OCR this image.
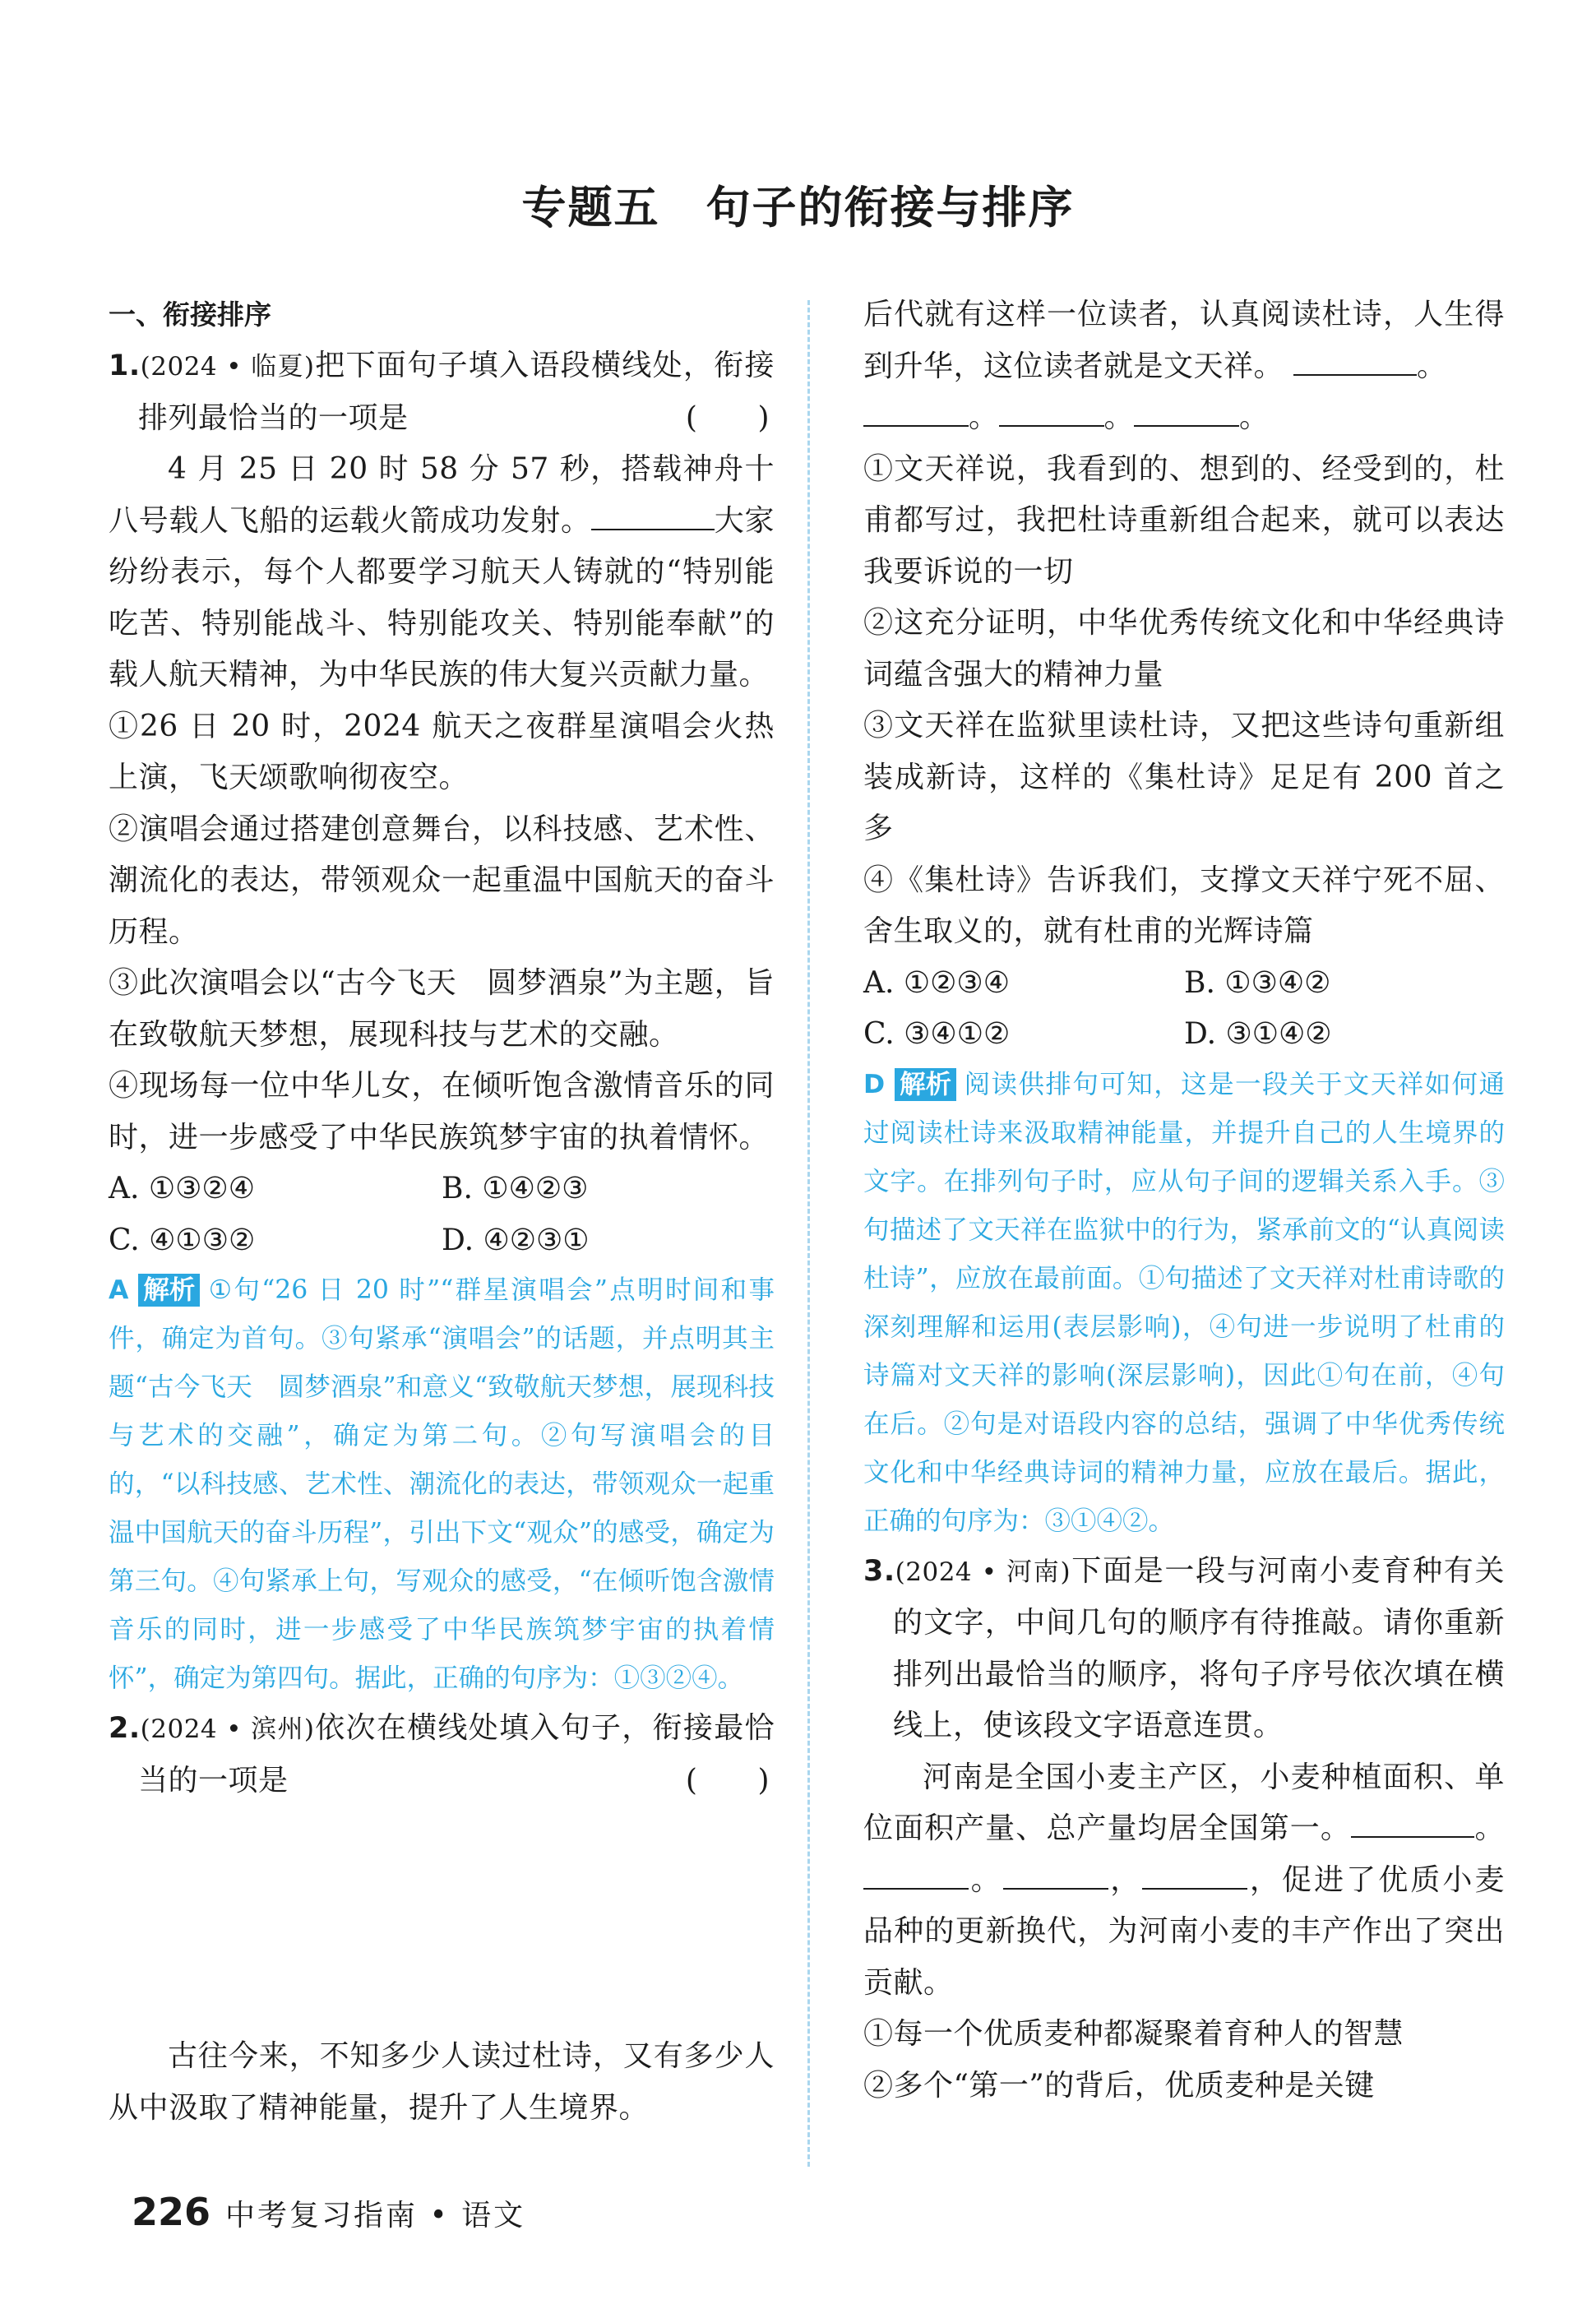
专题五　句子的衔接与排序

一、衔接排序

1.(2024 • 临夏)把下面句子填入语段横线处，衔接排列最恰当的一项是	(　　)

4 月 25 日 20 时 58 分 57 秒，搭载神舟十八号载人飞船的运载火箭成功发射。	大家纷纷表示，每个人都要学习航天人铸就的“特别能吃苦、特别能战斗、特别能攻关、特别能奉献”的载人航天精神，为中华民族的伟大复兴贡献力量。

①26 日 20 时，2024 航天之夜群星演唱会火热上演，飞天颂歌响彻夜空。

②演唱会通过搭建创意舞台，以科技感、艺术性、潮流化的表达，带领观众一起重温中国航天的奋斗历程。

③此次演唱会以“古今飞天　圆梦酒泉”为主题，旨在致敬航天梦想，展现科技与艺术的交融。

④现场每一位中华儿女，在倾听饱含激情音乐的同时，进一步感受了中华民族筑梦宇宙的执着情怀。

A. ①③②④	B. ①④②③
C. ④①③②	D. ④②③①

A 解析 ①句“26 日 20 时”“群星演唱会”点明时间和事件，确定为首句。③句紧承“演唱会”的话题，并点明其主题“古今飞天　圆梦酒泉”和意义“致敬航天梦想，展现科技与艺术的交融”，确定为第二句。②句写演唱会的目的，“以科技感、艺术性、潮流化的表达，带领观众一起重温中国航天的奋斗历程”，引出下文“观众”的感受，确定为第三句。④句紧承上句，写观众的感受，“在倾听饱含激情音乐的同时，进一步感受了中华民族筑梦宇宙的执着情怀”，确定为第四句。据此，正确的句序为：①③②④。

2.(2024 • 滨州)依次在横线处填入句子，衔接最恰当的一项是	(　　)

古往今来，不知多少人读过杜诗，又有多少人从中汲取了精神能量，提升了人生境界。

后代就有这样一位读者，认真阅读杜诗，人生得到升华，这位读者就是文天祥。	。

。	。	。

①文天祥说，我看到的、想到的、经受到的，杜甫都写过，我把杜诗重新组合起来，就可以表达我要诉说的一切

②这充分证明，中华优秀传统文化和中华经典诗词蕴含强大的精神力量

③文天祥在监狱里读杜诗，又把这些诗句重新组装成新诗，这样的《集杜诗》足足有 200 首之多

④《集杜诗》告诉我们，支撑文天祥宁死不屈、舍生取义的，就有杜甫的光辉诗篇

A. ①②③④	B. ①③④②
C. ③④①②	D. ③①④②

D 解析 阅读供排句可知，这是一段关于文天祥如何通过阅读杜诗来汲取精神能量，并提升自己的人生境界的文字。在排列句子时，应从句子间的逻辑关系入手。③句描述了文天祥在监狱中的行为，紧承前文的“认真阅读杜诗”，应放在最前面。①句描述了文天祥对杜甫诗歌的深刻理解和运用(表层影响)，④句进一步说明了杜甫的诗篇对文天祥的影响(深层影响)，因此①句在前，④句在后。②句是对语段内容的总结，强调了中华优秀传统文化和中华经典诗词的精神力量，应放在最后。据此，正确的句序为：③①④②。

3.(2024 • 河南)下面是一段与河南小麦育种有关的文字，中间几句的顺序有待推敲。请你重新排列出最恰当的顺序，将句子序号依次填在横线上，使该段文字语意连贯。

河南是全国小麦主产区，小麦种植面积、单位面积产量、总产量均居全国第一。	。。	，	，促进了优质小麦品种的更新换代，为河南小麦的丰产作出了突出贡献。

①每一个优质麦种都凝聚着育种人的智慧

②多个“第一”的背后，优质麦种是关键

226 中考复习指南 • 语文
